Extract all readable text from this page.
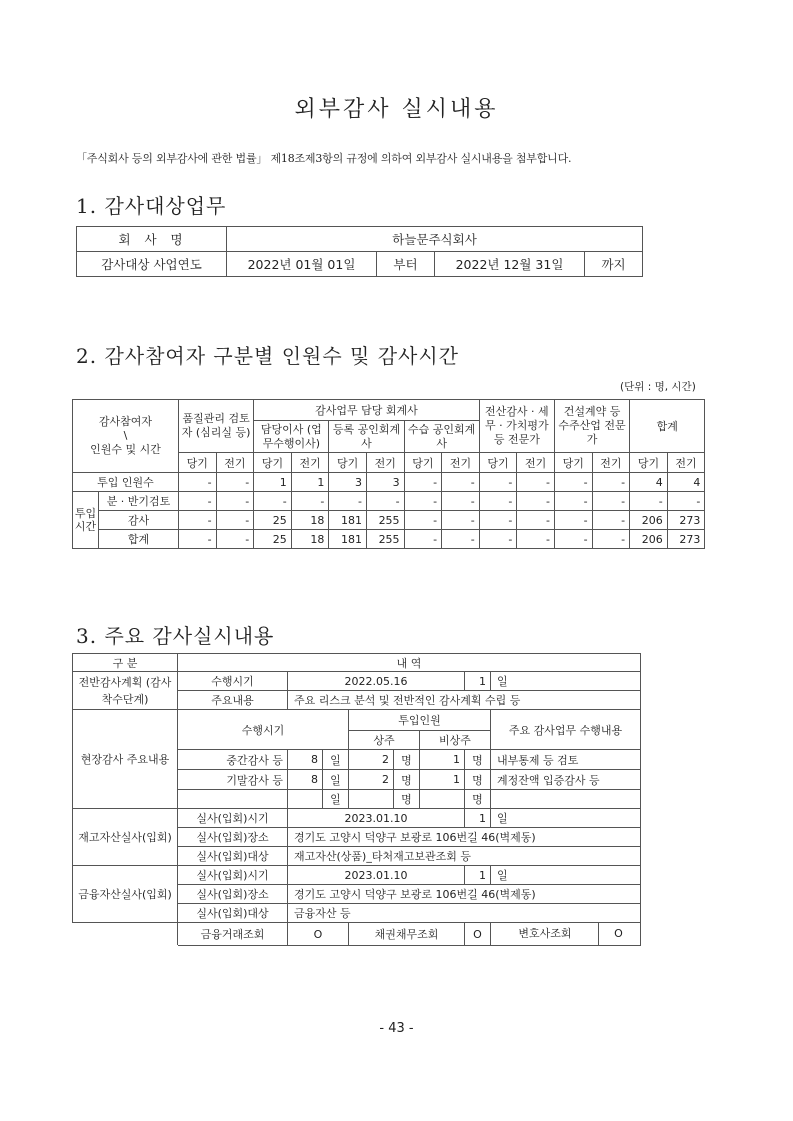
외부감사 실시내용
「주식회사 등의 외부감사에 관한 법률」 제18조제3항의 규정에 의하여 외부감사 실시내용을 첨부합니다.
1. 감사대상업무
회  사  명	하늘문주식회사			
감사대상 사업연도	2022년 01월 01일	부터	2022년 12월 31일	까지
2. 감사참여자 구분별 인원수 및 감사시간
(단위 : 명, 시간)
감사참여자
\
인원수 및 시간		품질관리 검토자 (심리실 등)		감사업무 담당 회계사						전산감사 · 세무 · 가치평가 등 전문가		건설계약 등 수주산업 전문가		합계	
				담당이사 (업무수행이사)		등록 공인회계사		수습 공인회계사							
		당기	전기	당기	전기	당기	전기	당기	전기	당기	전기	당기	전기	당기	전기
투입 인원수		-	-	1	1	3	3	-	-	-	-	-	-	4	4
투입 시간	분 · 반기검토	-	-	-	-	-	-	-	-	-	-	-	-	-	-
	감사	-	-	25	18	181	255	-	-	-	-	-	-	206	273
	합계	-	-	25	18	181	255	-	-	-	-	-	-	206	273
3. 주요 감사실시내용
구 분	내 역							
전반감사계획 (감사착수단계)	수행시기	2022.05.16					1	일
	주요내용	주요 리스크 분석 및 전반적인 감사계획 수립 등						
현장감사 주요내용	수행시기			투입인원				주요 감사업무 수행내용
				상주		비상주		
	중간감사 등	8	일	2	명	1	명	내부통제 등 검토
	기말감사 등	8	일	2	명	1	명	계정잔액 입증감사 등
			일		명		명	
재고자산실사(입회)	실사(입회)시기	2023.01.10					1	일
	실사(입회)장소	경기도 고양시 덕양구 보광로 106번길 46(벽제동)						
	실사(입회)대상	재고자산(상품)_타처재고보관조회 등						
금융자산실사(입회)	실사(입회)시기	2023.01.10					1	일
	실사(입회)장소	경기도 고양시 덕양구 보광로 106번길 46(벽제동)						
	실사(입회)대상	금융자산 등						
	금융거래조회	O		채권채무조회			O	변호사조회 O
- 43 -
